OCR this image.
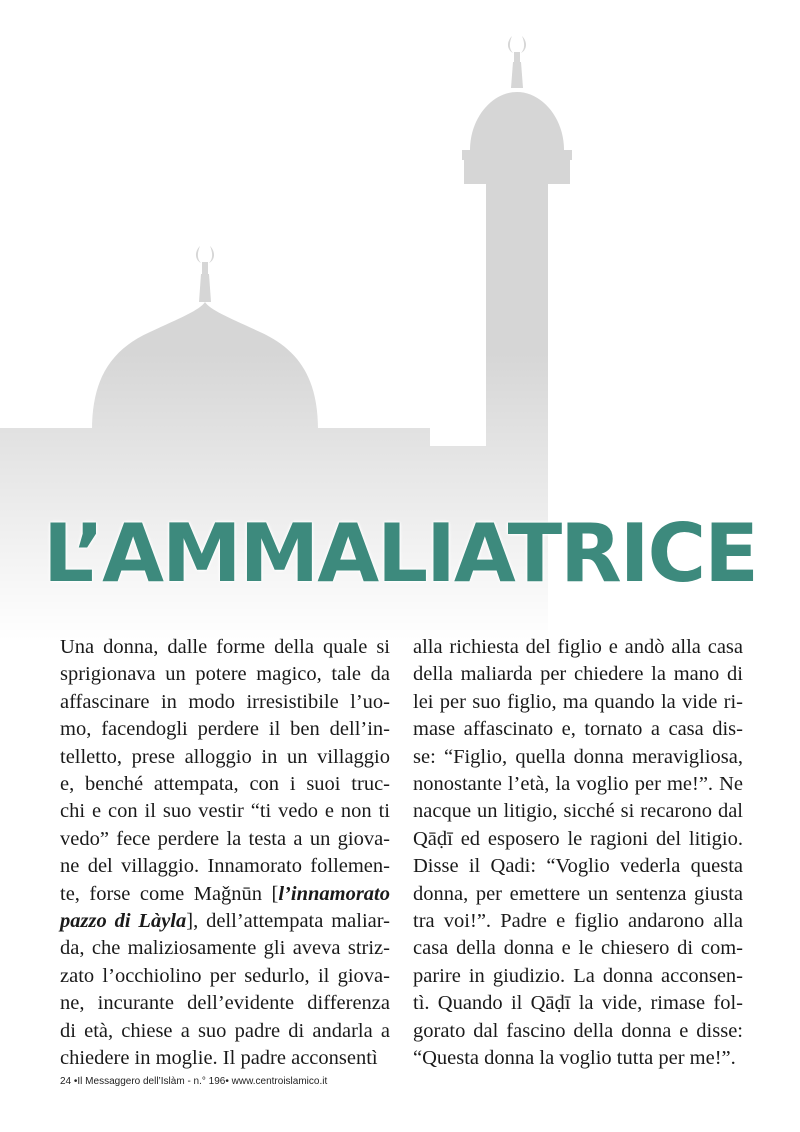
L’AMMALIATRICE
Una donna, dalle forme della quale si
sprigionava un potere magico, tale da
affascinare in modo irresistibile l’uo-
mo, facendogli perdere il ben dell’in-
telletto, prese alloggio in un villaggio
e, benché attempata, con i suoi truc-
chi e con il suo vestir “ti vedo e non ti
vedo” fece perdere la testa a un giova-
ne del villaggio. Innamorato follemen-
te, forse come Maǧnūn [l’innamorato
pazzo di Làyla], dell’attempata maliar-
da, che maliziosamente gli aveva striz-
zato l’occhiolino per sedurlo, il giova-
ne, incurante dell’evidente differenza
di età, chiese a suo padre di andarla a
chiedere in moglie. Il padre acconsentì
alla richiesta del figlio e andò alla casa
della maliarda per chiedere la mano di
lei per suo figlio, ma quando la vide ri-
mase affascinato e, tornato a casa dis-
se: “Figlio, quella donna meravigliosa,
nonostante l’età, la voglio per me!”. Ne
nacque un litigio, sicché si recarono dal
Qāḍī ed esposero le ragioni del litigio.
Disse il Qadi: “Voglio vederla questa
donna, per emettere un sentenza giusta
tra voi!”. Padre e figlio andarono alla
casa della donna e le chiesero di com-
parire in giudizio. La donna acconsen-
tì. Quando il Qāḍī la vide, rimase fol-
gorato dal fascino della donna e disse:
“Questa donna la voglio tutta per me!”.
24 •Il Messaggero dell’Islàm - n.° 196• www.centroislamico.it
